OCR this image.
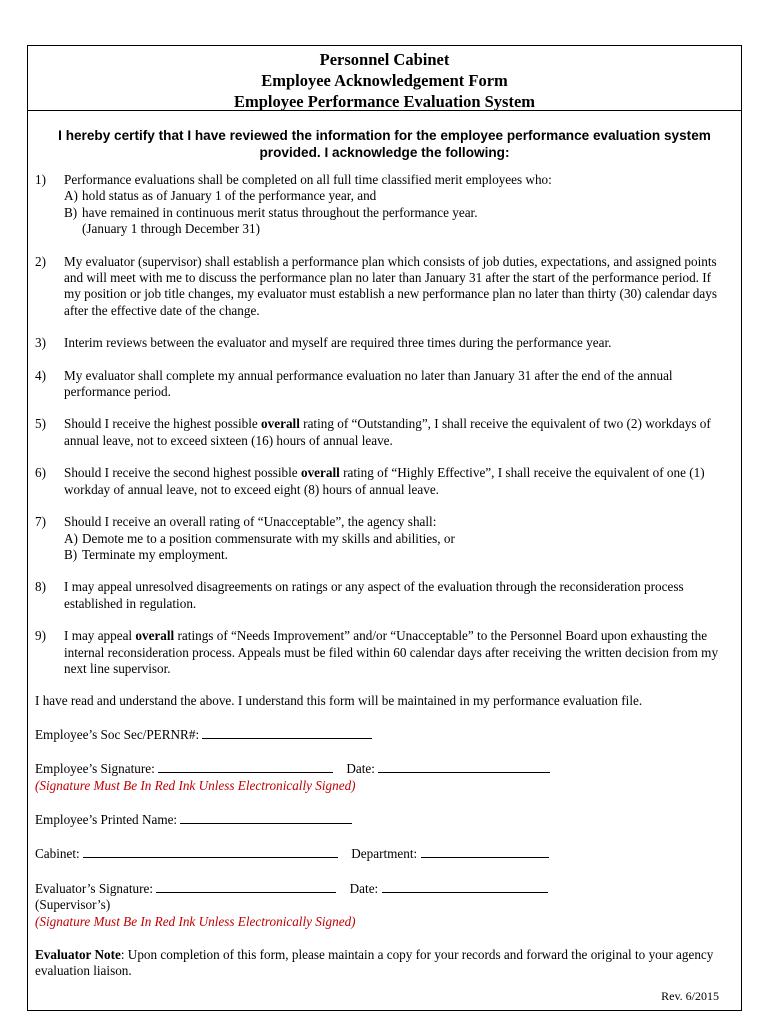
Personnel Cabinet
Employee Acknowledgement Form
Employee Performance Evaluation System
I hereby certify that I have reviewed the information for the employee performance evaluation system provided. I acknowledge the following:
1) Performance evaluations shall be completed on all full time classified merit employees who:
A) hold status as of January 1 of the performance year, and
B) have remained in continuous merit status throughout the performance year.
(January 1 through December 31)
2) My evaluator (supervisor) shall establish a performance plan which consists of job duties, expectations, and assigned points and will meet with me to discuss the performance plan no later than January 31 after the start of the performance period. If my position or job title changes, my evaluator must establish a new performance plan no later than thirty (30) calendar days after the effective date of the change.
3) Interim reviews between the evaluator and myself are required three times during the performance year.
4) My evaluator shall complete my annual performance evaluation no later than January 31 after the end of the annual performance period.
5) Should I receive the highest possible overall rating of “Outstanding”, I shall receive the equivalent of two (2) workdays of annual leave, not to exceed sixteen (16) hours of annual leave.
6) Should I receive the second highest possible overall rating of “Highly Effective”, I shall receive the equivalent of one (1) workday of annual leave, not to exceed eight (8) hours of annual leave.
7) Should I receive an overall rating of “Unacceptable”, the agency shall:
A) Demote me to a position commensurate with my skills and abilities, or
B) Terminate my employment.
8) I may appeal unresolved disagreements on ratings or any aspect of the evaluation through the reconsideration process established in regulation.
9) I may appeal overall ratings of “Needs Improvement” and/or “Unacceptable” to the Personnel Board upon exhausting the internal reconsideration process. Appeals must be filed within 60 calendar days after receiving the written decision from my next line supervisor.
I have read and understand the above. I understand this form will be maintained in my performance evaluation file.
Employee’s Soc Sec/PERNR#:
Employee’s Signature:	Date:
(Signature Must Be In Red Ink Unless Electronically Signed)
Employee’s Printed Name:
Cabinet:	Department:
Evaluator’s Signature:	Date:
(Supervisor’s)
(Signature Must Be In Red Ink Unless Electronically Signed)
Evaluator Note: Upon completion of this form, please maintain a copy for your records and forward the original to your agency evaluation liaison.
Rev. 6/2015
